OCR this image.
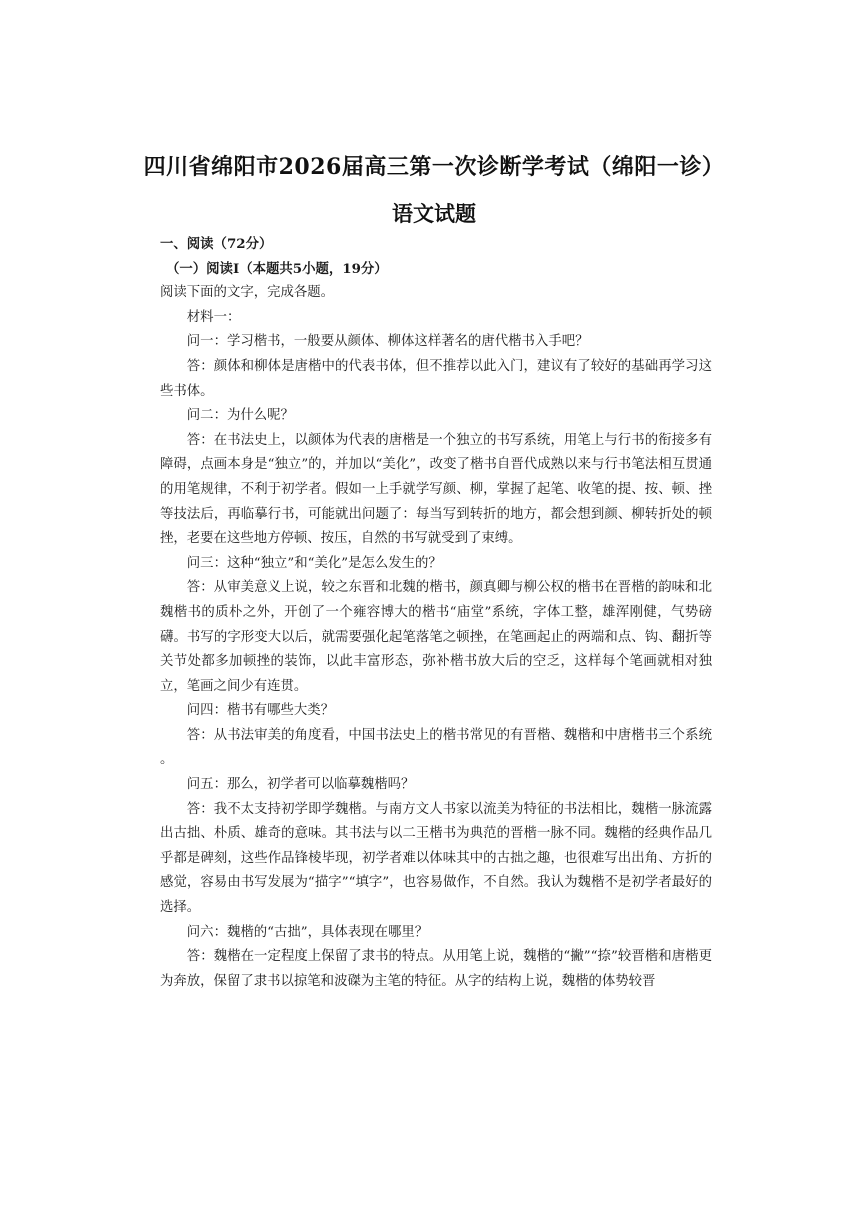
四川省绵阳市2026届高三第一次诊断学考试（绵阳一诊）
语文试题

一、阅读（72分）

（一）阅读Ⅰ（本题共5小题，19分）

阅读下面的文字，完成各题。

材料一：

问一：学习楷书，一般要从颜体、柳体这样著名的唐代楷书入手吧？

答：颜体和柳体是唐楷中的代表书体，但不推荐以此入门，建议有了较好的基础再学习这些书体。

问二：为什么呢？

答：在书法史上，以颜体为代表的唐楷是一个独立的书写系统，用笔上与行书的衔接多有障碍，点画本身是“独立”的，并加以“美化”，改变了楷书自晋代成熟以来与行书笔法相互贯通的用笔规律，不利于初学者。假如一上手就学写颜、柳，掌握了起笔、收笔的提、按、顿、挫等技法后，再临摹行书，可能就出问题了：每当写到转折的地方，都会想到颜、柳转折处的顿挫，老要在这些地方停顿、按压，自然的书写就受到了束缚。

问三：这种“独立”和“美化”是怎么发生的？

答：从审美意义上说，较之东晋和北魏的楷书，颜真卿与柳公权的楷书在晋楷的韵味和北魏楷书的质朴之外，开创了一个雍容博大的楷书“庙堂”系统，字体工整，雄浑刚健，气势磅礴。书写的字形变大以后，就需要强化起笔落笔之顿挫，在笔画起止的两端和点、钩、翻折等关节处都多加顿挫的装饰，以此丰富形态，弥补楷书放大后的空乏，这样每个笔画就相对独立，笔画之间少有连贯。

问四：楷书有哪些大类？

答：从书法审美的角度看，中国书法史上的楷书常见的有晋楷、魏楷和中唐楷书三个系统 。

问五：那么，初学者可以临摹魏楷吗？

答：我不太支持初学即学魏楷。与南方文人书家以流美为特征的书法相比，魏楷一脉流露出古拙、朴质、雄奇的意味。其书法与以二王楷书为典范的晋楷一脉不同。魏楷的经典作品几乎都是碑刻，这些作品锋棱毕现，初学者难以体味其中的古拙之趣，也很难写出出角、方折的感觉，容易由书写发展为“描字”“填字”，也容易做作，不自然。我认为魏楷不是初学者最好的选择。

问六：魏楷的“古拙”，具体表现在哪里？

答：魏楷在一定程度上保留了隶书的特点。从用笔上说，魏楷的“撇”“捺”较晋楷和唐楷更为奔放，保留了隶书以掠笔和波磔为主笔的特征。从字的结构上说，魏楷的体势较晋
